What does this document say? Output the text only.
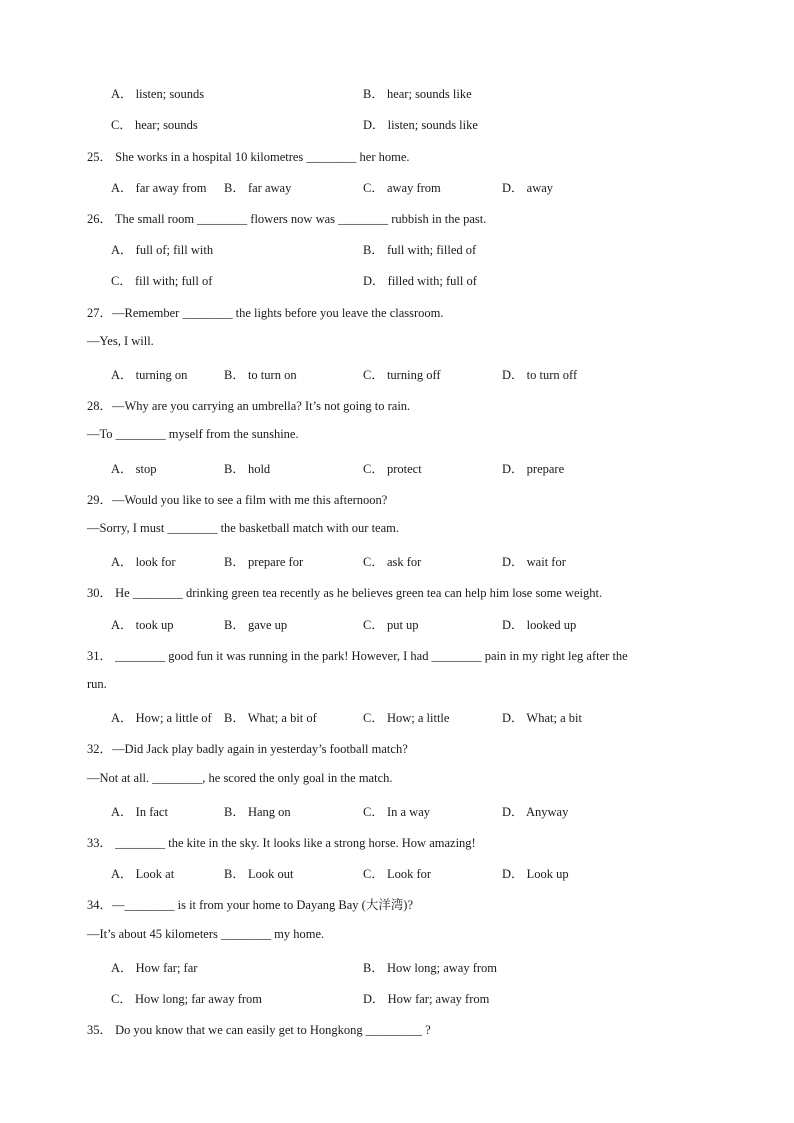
A． listen; sounds	B． hear; sounds like
C． hear; sounds	D． listen; sounds like
25． She works in a hospital 10 kilometres ________ her home.
A． far away from B． far away	C． away from	D． away
26． The small room ________ flowers now was ________ rubbish in the past.
A． full of; fill with	B． full with; filled of
C． fill with; full of	D． filled with; full of
27．—Remember ________ the lights before you leave the classroom.
—Yes, I will.
A． turning on	B． to turn on	C． turning off	D． to turn off
28．—Why are you carrying an umbrella? It’s not going to rain.
—To ________ myself from the sunshine.
A． stop	B． hold	C． protect	D． prepare
29．—Would you like to see a film with me this afternoon?
—Sorry, I must ________ the basketball match with our team.
A． look for	B． prepare for	C． ask for	D． wait for
30． He ________ drinking green tea recently as he believes green tea can help him lose some weight.
A． took up	B． gave up	C． put up	D． looked up
31． ________ good fun it was running in the park! However, I had ________ pain in my right leg after the
run.
A． How; a little of B． What; a bit of	C． How; a little	D． What; a bit
32．—Did Jack play badly again in yesterday’s football match?
—Not at all. ________, he scored the only goal in the match.
A． In fact	B． Hang on	C． In a way	D． Anyway
33． ________ the kite in the sky. It looks like a strong horse. How amazing!
A． Look at	B． Look out	C． Look for	D． Look up
34．—________ is it from your home to Dayang Bay (大洋湾)?
—It’s about 45 kilometers ________ my home.
A． How far; far	B． How long; away from
C． How long; far away from	D． How far; away from
35． Do you know that we can easily get to Hongkong _________ ?
